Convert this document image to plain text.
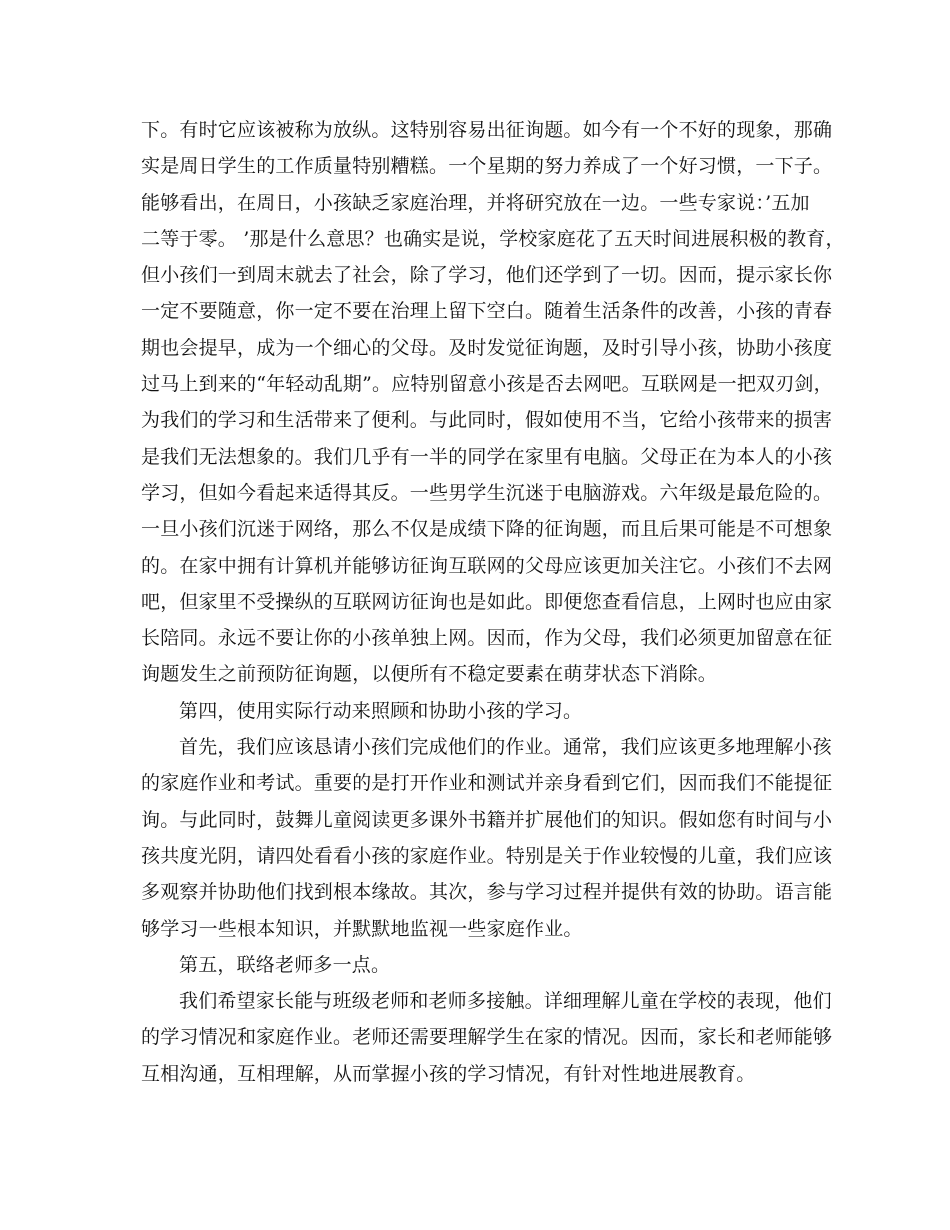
下。有时它应该被称为放纵。这特别容易出征询题。如今有一个不好的现象，那确
实是周日学生的工作质量特别糟糕。一个星期的努力养成了一个好习惯，一下子。
能够看出，在周日，小孩缺乏家庭治理，并将研究放在一边。一些专家说：’五加
二等于零。 ’那是什么意思？也确实是说，学校家庭花了五天时间进展积极的教育，
但小孩们一到周末就去了社会，除了学习，他们还学到了一切。因而，提示家长你
一定不要随意，你一定不要在治理上留下空白。随着生活条件的改善，小孩的青春
期也会提早，成为一个细心的父母。及时发觉征询题，及时引导小孩，协助小孩度
过马上到来的“年轻动乱期”。应特别留意小孩是否去网吧。互联网是一把双刃剑，
为我们的学习和生活带来了便利。与此同时，假如使用不当，它给小孩带来的损害
是我们无法想象的。我们几乎有一半的同学在家里有电脑。父母正在为本人的小孩
学习，但如今看起来适得其反。一些男学生沉迷于电脑游戏。六年级是最危险的。
一旦小孩们沉迷于网络，那么不仅是成绩下降的征询题，而且后果可能是不可想象
的。在家中拥有计算机并能够访征询互联网的父母应该更加关注它。小孩们不去网
吧，但家里不受操纵的互联网访征询也是如此。即便您查看信息，上网时也应由家
长陪同。永远不要让你的小孩单独上网。因而，作为父母，我们必须更加留意在征
询题发生之前预防征询题，以便所有不稳定要素在萌芽状态下消除。
第四，使用实际行动来照顾和协助小孩的学习。
首先，我们应该恳请小孩们完成他们的作业。通常，我们应该更多地理解小孩
的家庭作业和考试。重要的是打开作业和测试并亲身看到它们，因而我们不能提征
询。与此同时，鼓舞儿童阅读更多课外书籍并扩展他们的知识。假如您有时间与小
孩共度光阴，请四处看看小孩的家庭作业。特别是关于作业较慢的儿童，我们应该
多观察并协助他们找到根本缘故。其次，参与学习过程并提供有效的协助。语言能
够学习一些根本知识，并默默地监视一些家庭作业。
第五，联络老师多一点。
我们希望家长能与班级老师和老师多接触。详细理解儿童在学校的表现，他们
的学习情况和家庭作业。老师还需要理解学生在家的情况。因而，家长和老师能够
互相沟通，互相理解，从而掌握小孩的学习情况，有针对性地进展教育。
